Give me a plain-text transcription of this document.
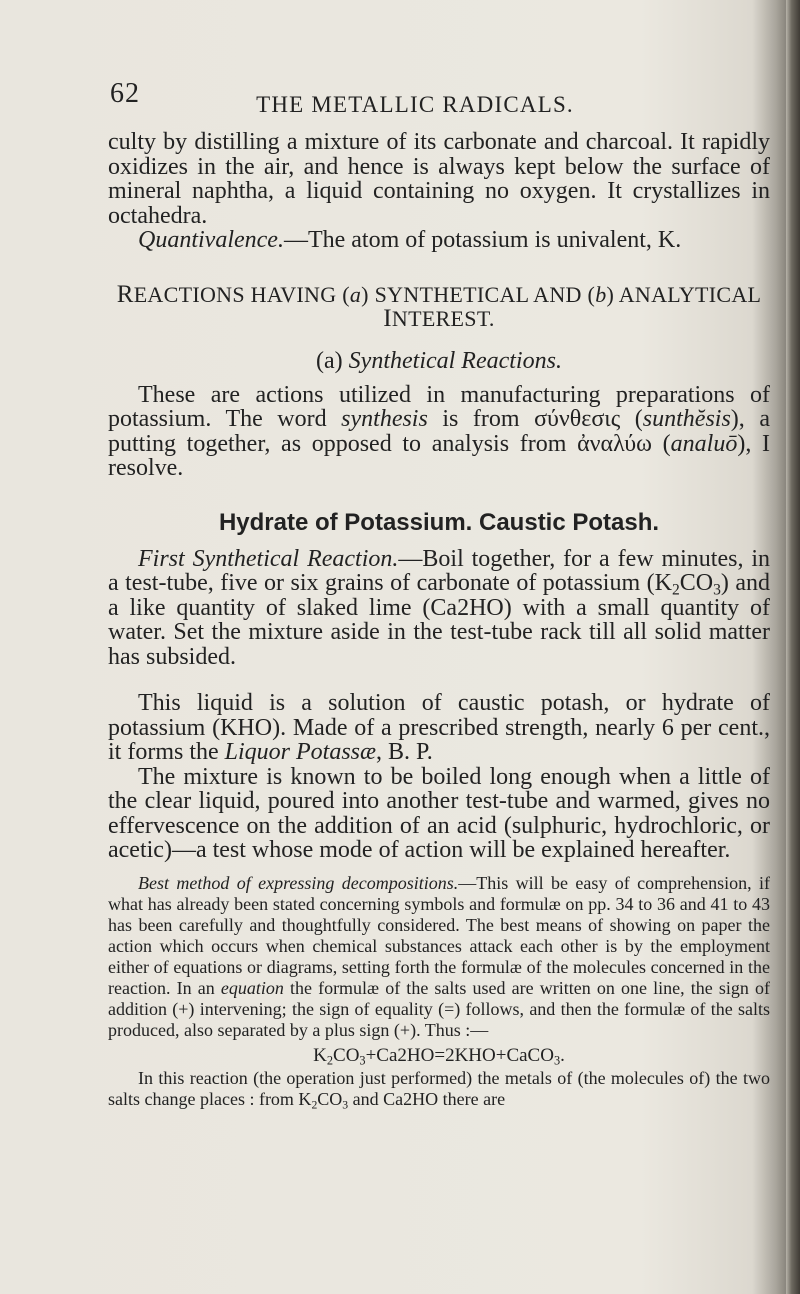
62	THE METALLIC RADICALS.

culty by distilling a mixture of its carbonate and charcoal. It rapidly oxidizes in the air, and hence is always kept below the surface of mineral naphtha, a liquid containing no oxygen. It crystallizes in octahedra.

Quantivalence.—The atom of potassium is univalent, K.

REACTIONS HAVING (a) SYNTHETICAL AND (b) ANALYTICAL
INTEREST.
(a) Synthetical Reactions.

These are actions utilized in manufacturing preparations of potassium. The word synthesis is from σύνθεσις (sunthĕsis), a putting together, as opposed to analysis from ἀναλύω (analuō), I resolve.

Hydrate of Potassium. Caustic Potash.

First Synthetical Reaction.—Boil together, for a few minutes, in a test-tube, five or six grains of carbonate of potassium $(K_2CO_3)$ and a like quantity of slaked lime (Ca2HO) with a small quantity of water. Set the mixture aside in the test-tube rack till all solid matter has subsided.

This liquid is a solution of caustic potash, or hydrate of potassium (KHO). Made of a prescribed strength, nearly 6 per cent., it forms the Liquor Potassæ, B. P.

The mixture is known to be boiled long enough when a little of the clear liquid, poured into another test-tube and warmed, gives no effervescence on the addition of an acid (sulphuric, hydrochloric, or acetic)—a test whose mode of action will be explained hereafter.

Best method of expressing decompositions.—This will be easy of comprehension, if what has already been stated concerning symbols and formulæ on pp. 34 to 36 and 41 to 43 has been carefully and thoughtfully considered. The best means of showing on paper the action which occurs when chemical substances attack each other is by the employment either of equations or diagrams, setting forth the formulæ of the molecules concerned in the reaction. In an equation the formulæ of the salts used are written on one line, the sign of addition (+) intervening; the sign of equality (=) follows, and then the formulæ of the salts produced, also separated by a plus sign (+). Thus :—

$K_2CO_3+Ca2HO=2KHO+CaCO_3$.

In this reaction (the operation just performed) the metals of (the molecules of) the two salts change places : from $K_2CO_3$ and Ca2HO there are
